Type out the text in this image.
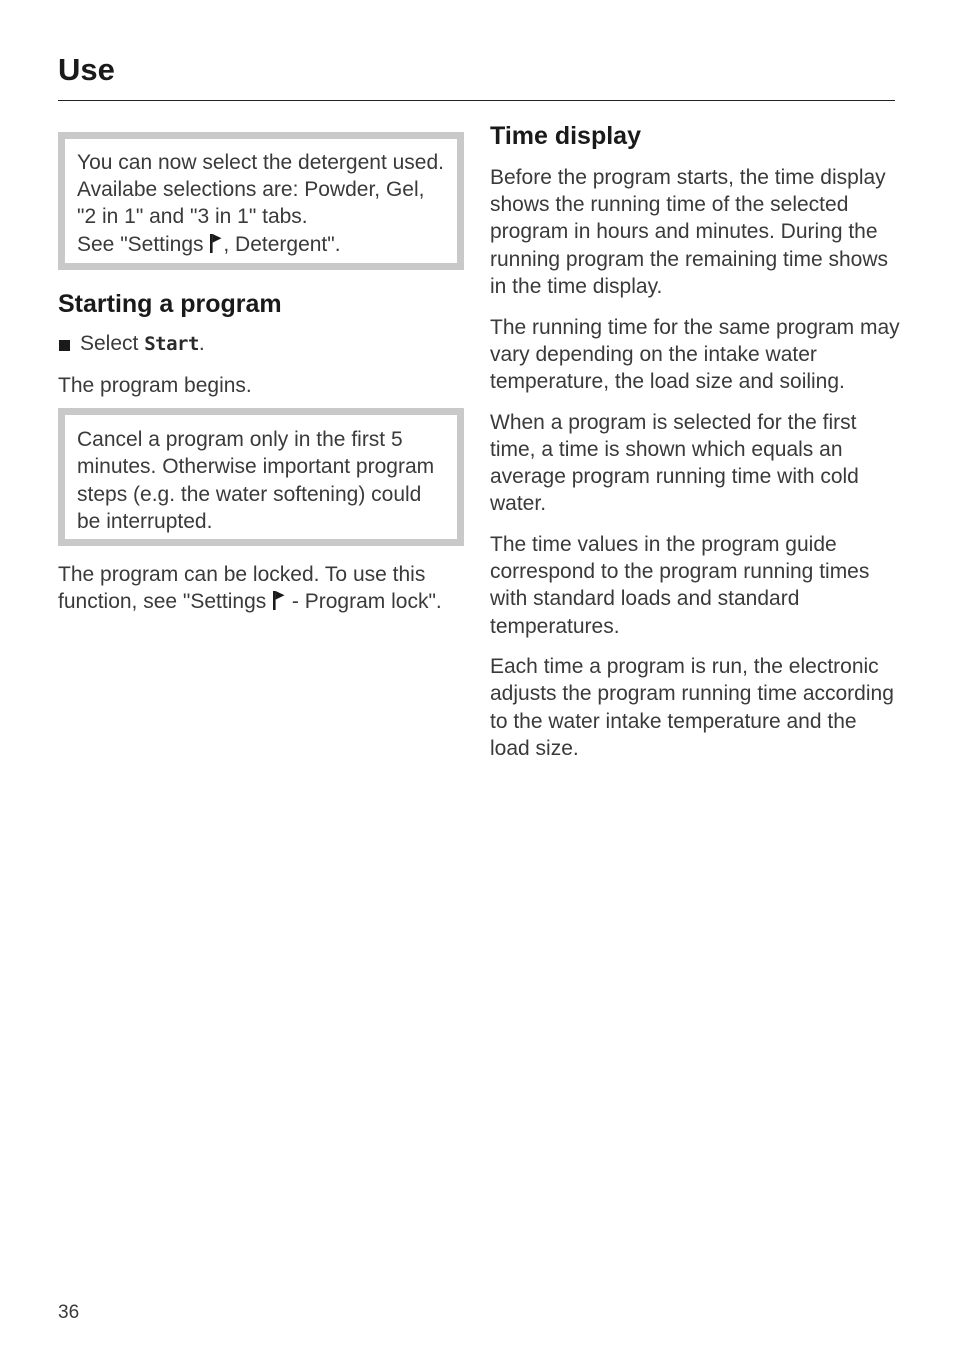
Use

You can now select the detergent used. Availabe selections are: Powder, Gel, "2 in 1" and "3 in 1" tabs.

See "Settings , Detergent".

Starting a program

Select Start.

The program begins.

Cancel a program only in the first 5 minutes. Otherwise important program steps (e.g. the water softening) could be interrupted.

The program can be locked. To use this function, see "Settings  - Program lock".

Time display

Before the program starts, the time display shows the running time of the selected program in hours and minutes. During the running program the remaining time shows in the time display.

The running time for the same program may vary depending on the intake water temperature, the load size and soiling.

When a program is selected for the first time, a time is shown which equals an average program running time with cold water.

The time values in the program guide correspond to the program running times with standard loads and standard temperatures.

Each time a program is run, the electronic adjusts the program running time according to the water intake temperature and the load size.

36
